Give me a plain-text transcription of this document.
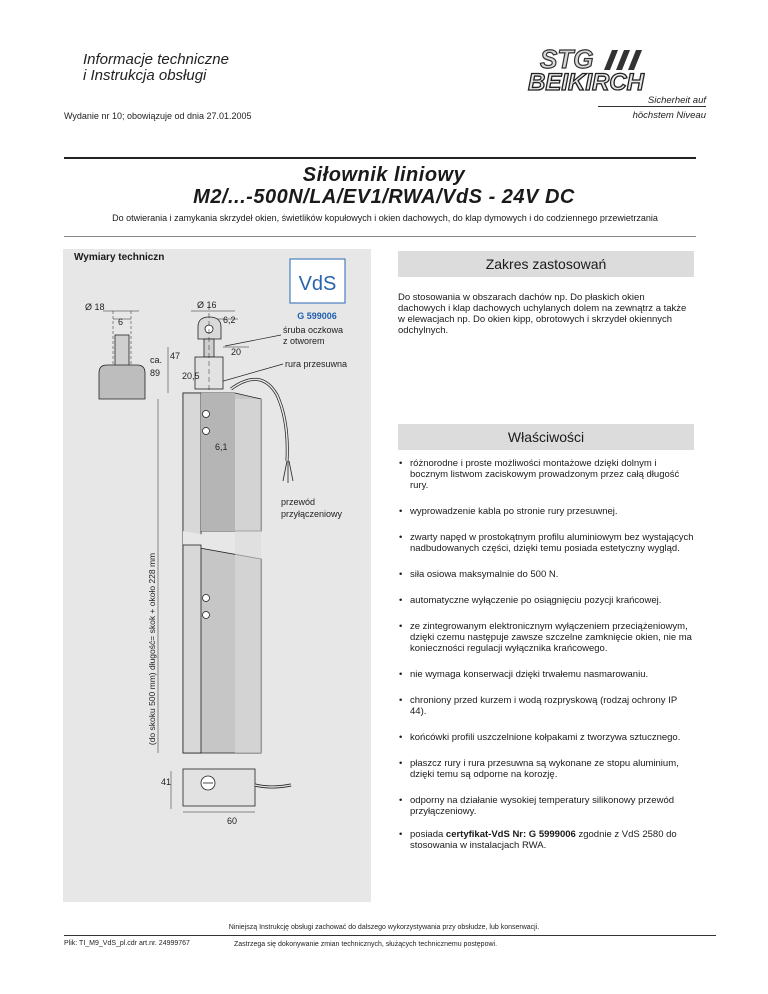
Informacje techniczne
i Instrukcja obsługi
Wydanie nr 10; obowiązuje od dnia 27.01.2005
STG
BEIKIRCH
Sicherheit auf
höchstem Niveau
Siłownik liniowy
M2/...-500N/LA/EV1/RWA/VdS - 24V DC
Do otwierania i zamykania skrzydeł okien, świetlików kopułowych i okien dachowych, do klap dymowych i do codziennego przewietrzania
Wymiary techniczn
VdS
G 599006
śruba oczkowa
z otworem
rura przesuwna
Ø 18
6
ca.
89
Ø 16
6,2
20
47
20,5
6,1
przewód
przyłączeniowy
(do skoku 500 mm) długość= skok + około 228 mm
41
60
Zakres zastosowań
Do stosowania w obszarach dachów np. Do płaskich okien dachowych i klap dachowych uchylanych dolem na zewnątrz a także w elewacjach np. Do okien kipp, obrotowych i skrzydeł okiennych odchylnych.
Właściwości
• różnorodne i proste możliwości montażowe dzięki dolnym i bocznym listwom zaciskowym prowadzonym przez całą długość rury.
• wyprowadzenie kabla po stronie rury przesuwnej.
• zwarty napęd w prostokątnym profilu aluminiowym bez wystających nadbudowanych części, dzięki temu posiada estetyczny wygląd.
• siła osiowa maksymalnie do 500 N.
• automatyczne wyłączenie po osiągnięciu pozycji krańcowej.
• ze zintegrowanym elektronicznym wyłączeniem przeciążeniowym, dzięki czemu następuje zawsze szczelne zamknięcie okien, nie ma konieczności regulacji wyłącznika krańcowego.
• nie wymaga konserwacji dzięki trwałemu nasmarowaniu.
• chroniony przed kurzem i wodą rozpryskową (rodzaj ochrony IP 44).
• końcówki profili uszczelnione kołpakami z tworzywa sztucznego.
• płaszcz rury i rura przesuwna są wykonane ze stopu aluminium, dzięki temu są odporne na korozję.
• odporny na działanie wysokiej temperatury silikonowy przewód przyłączeniowy.
• posiada certyfikat-VdS Nr: G 5999006 zgodnie z VdS 2580 do stosowania w instalacjach RWA.
Niniejszą Instrukcję obsługi zachować do dalszego wykorzystywania przy obsłudze, lub konserwacji.
Plik: TI_M9_VdS_pl.cdr art.nr. 24999767	Zastrzega się dokonywanie zmian technicznych, służących technicznemu postępowi.
